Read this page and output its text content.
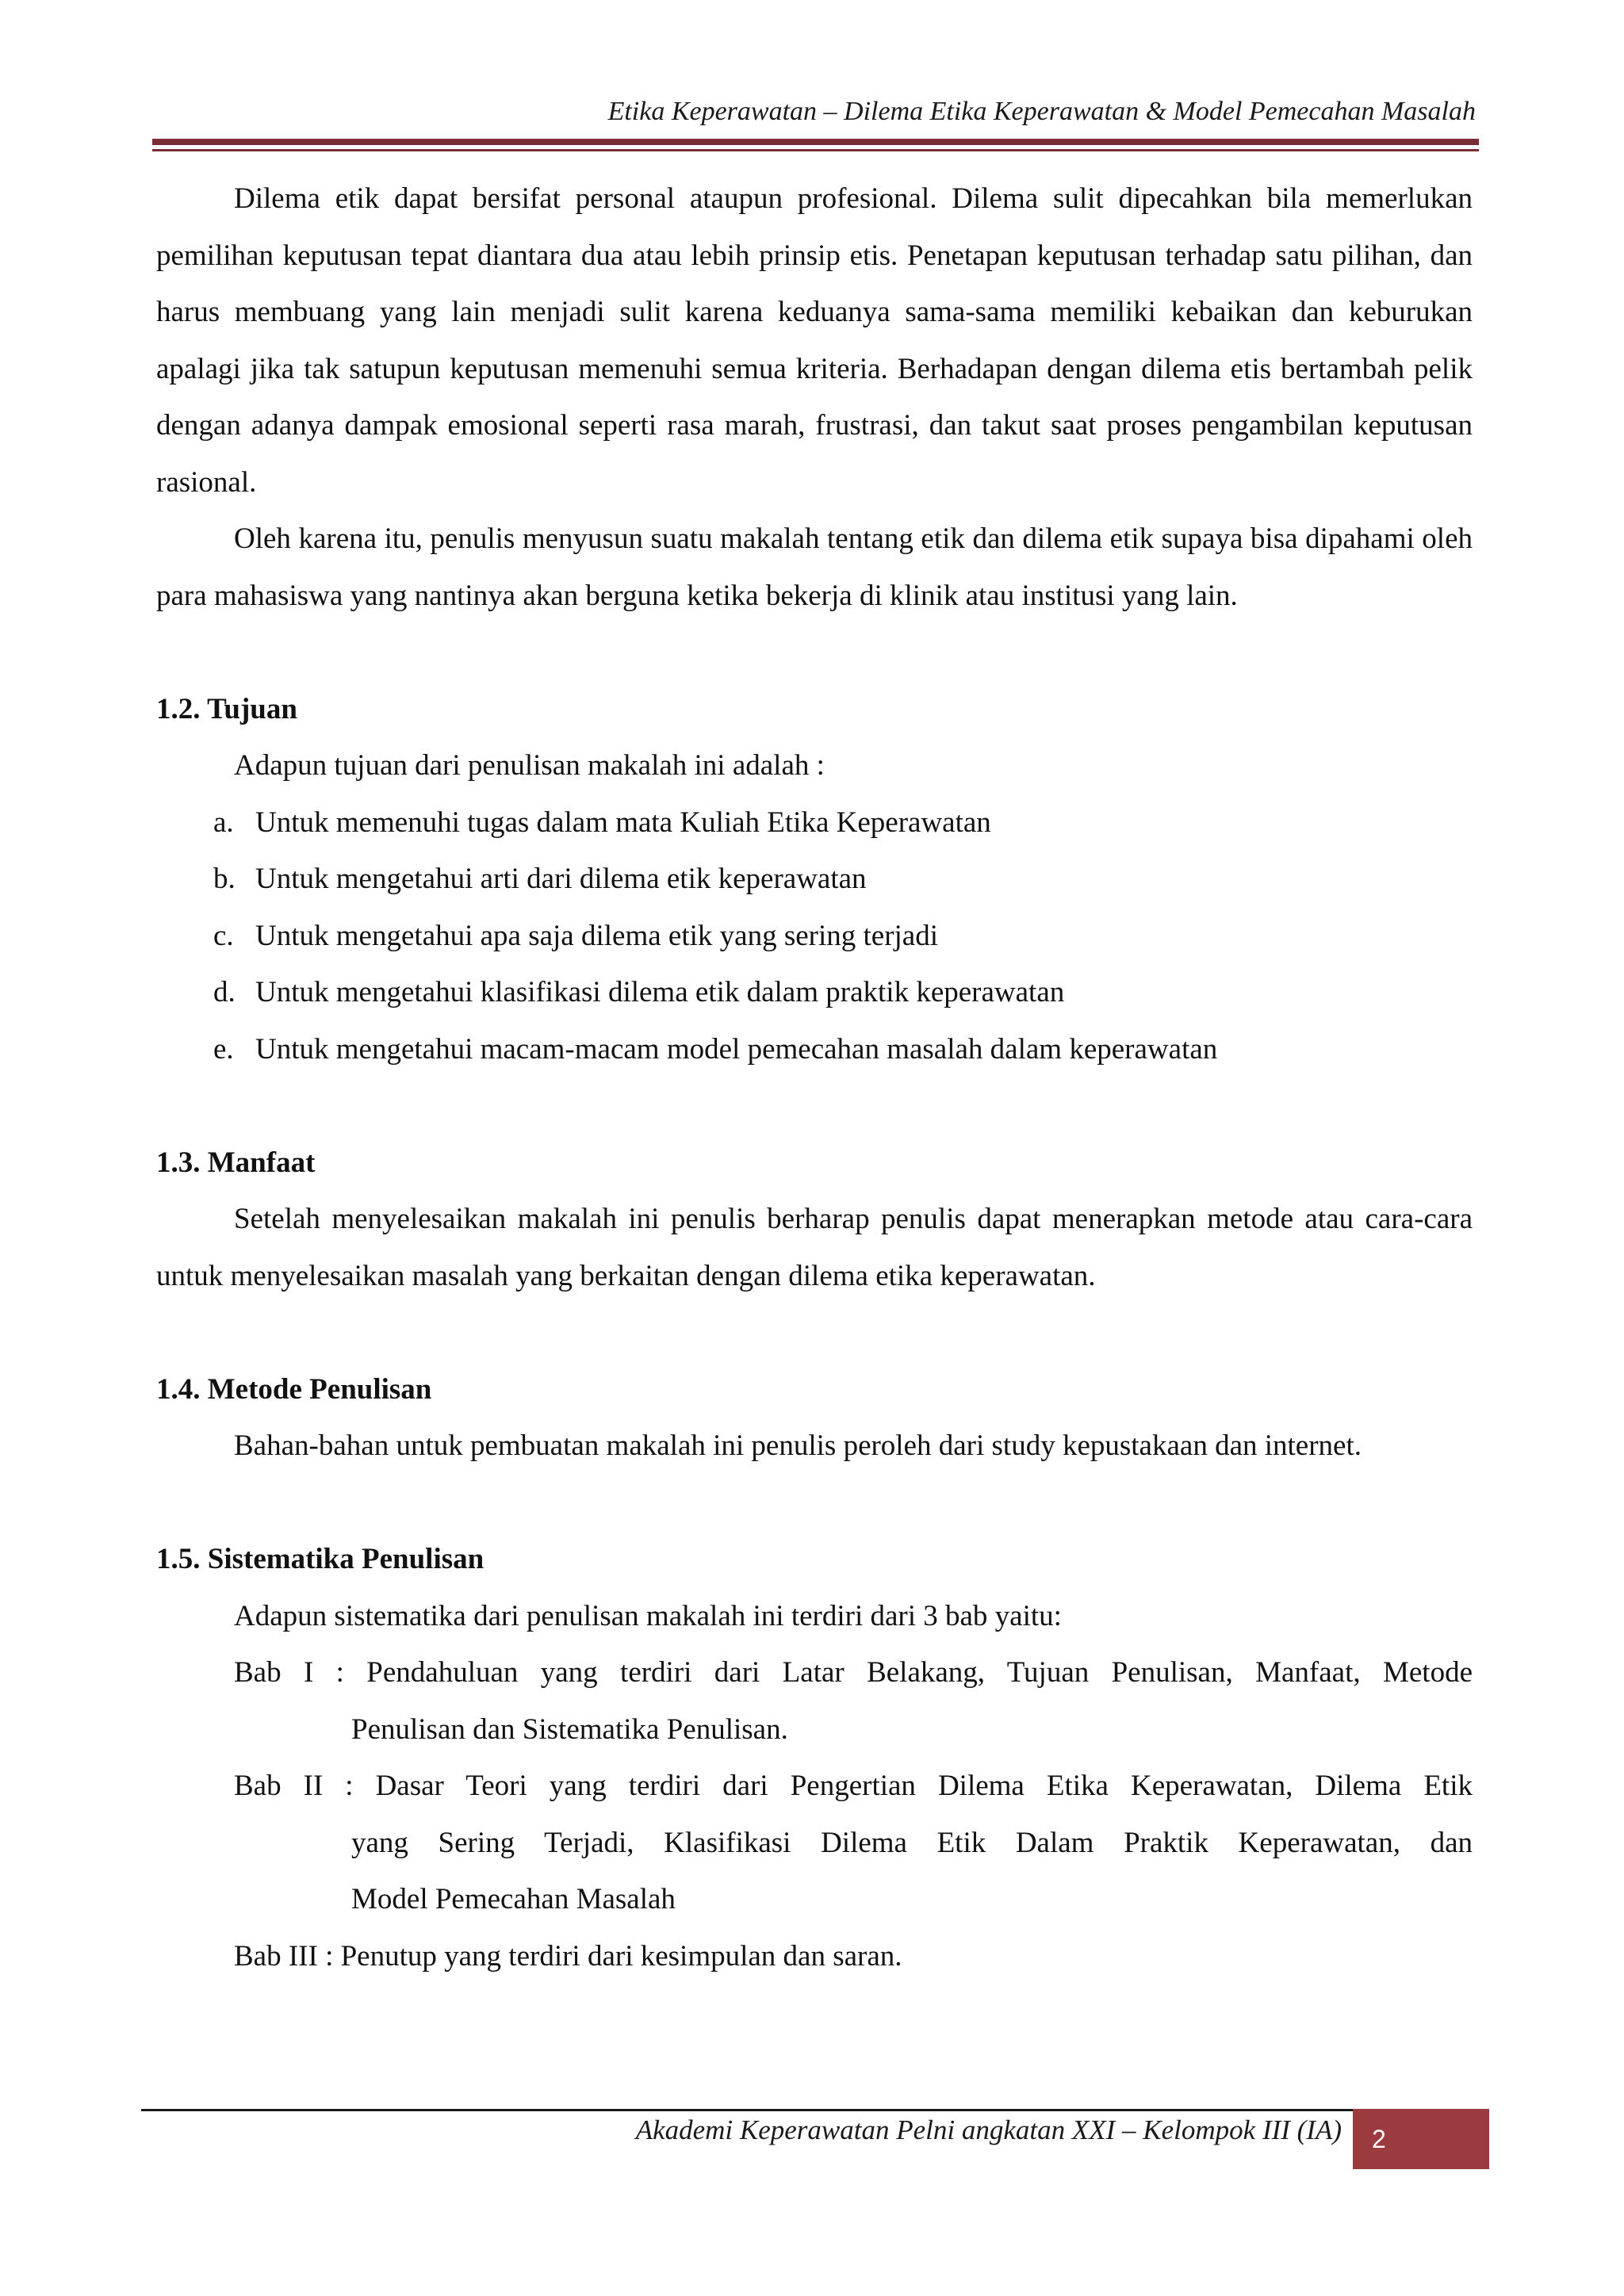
Etika Keperawatan – Dilema Etika Keperawatan & Model Pemecahan Masalah

Dilema etik dapat bersifat personal ataupun profesional. Dilema sulit dipecahkan bila memerlukan pemilihan keputusan tepat diantara dua atau lebih prinsip etis. Penetapan keputusan terhadap satu pilihan, dan harus membuang yang lain menjadi sulit karena keduanya sama-sama memiliki kebaikan dan keburukan apalagi jika tak satupun keputusan memenuhi semua kriteria. Berhadapan dengan dilema etis bertambah pelik dengan adanya dampak emosional seperti rasa marah, frustrasi, dan takut saat proses pengambilan keputusan rasional.

Oleh karena itu, penulis menyusun suatu makalah tentang etik dan dilema etik supaya bisa dipahami oleh para mahasiswa yang nantinya akan berguna ketika bekerja di klinik atau institusi yang lain.

1.2. Tujuan

Adapun tujuan dari penulisan makalah ini adalah :

a. Untuk memenuhi tugas dalam mata Kuliah Etika Keperawatan
b. Untuk mengetahui arti dari dilema etik keperawatan
c. Untuk mengetahui apa saja dilema etik yang sering terjadi
d. Untuk mengetahui klasifikasi dilema etik dalam praktik keperawatan
e. Untuk mengetahui macam-macam model pemecahan masalah dalam keperawatan

1.3. Manfaat

Setelah menyelesaikan makalah ini penulis berharap penulis dapat menerapkan metode atau cara-cara untuk menyelesaikan masalah yang berkaitan dengan dilema etika keperawatan.

1.4. Metode Penulisan

Bahan-bahan untuk pembuatan makalah ini penulis peroleh dari study kepustakaan dan internet.

1.5. Sistematika Penulisan

Adapun sistematika dari penulisan makalah ini terdiri dari 3 bab yaitu:

Bab I : Pendahuluan yang terdiri dari Latar Belakang, Tujuan Penulisan, Manfaat, Metode
Penulisan dan Sistematika Penulisan.
Bab II : Dasar Teori yang terdiri dari Pengertian Dilema Etika Keperawatan, Dilema Etik
yang Sering Terjadi, Klasifikasi Dilema Etik Dalam Praktik Keperawatan, dan
Model Pemecahan Masalah
Bab III : Penutup yang terdiri dari kesimpulan dan saran.
Akademi Keperawatan Pelni angkatan XXI – Kelompok III (IA)	2
